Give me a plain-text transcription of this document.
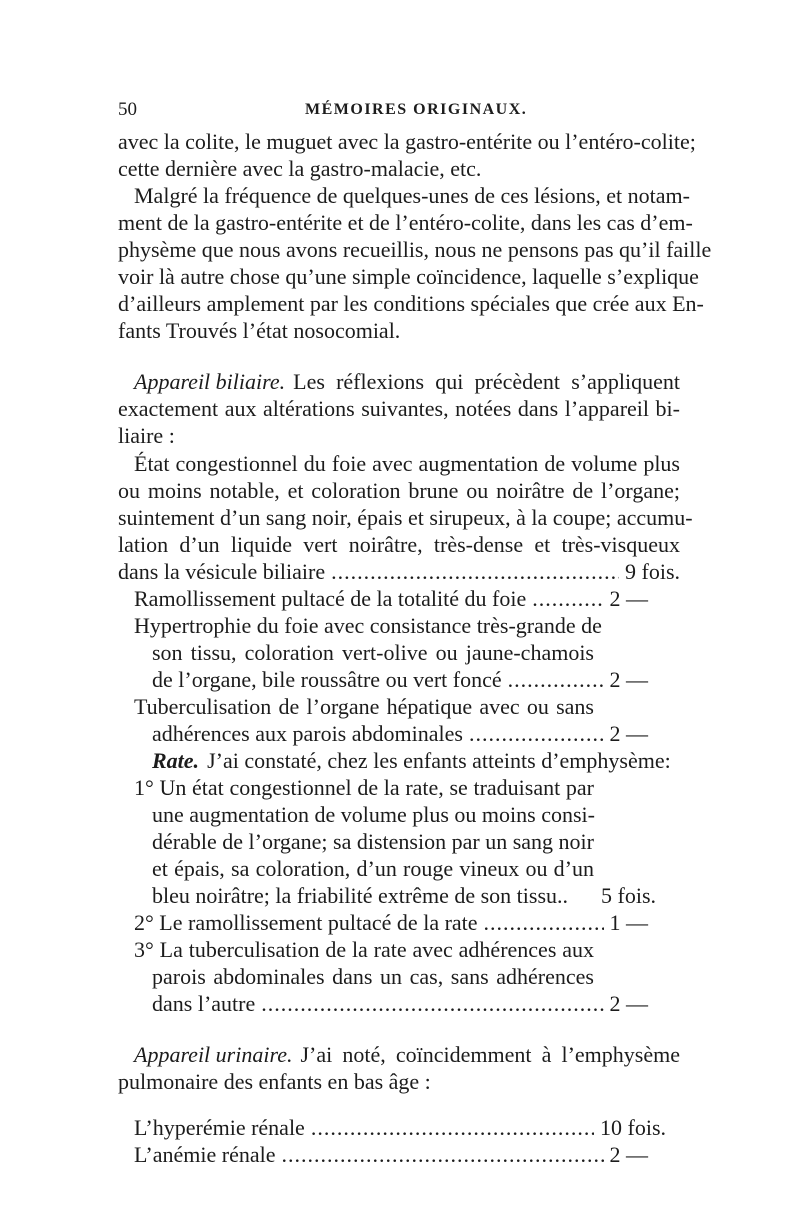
50	MÉMOIRES ORIGINAUX.
avec la colite, le muguet avec la gastro-entérite ou l’entéro-colite;
cette dernière avec la gastro-malacie, etc.
Malgré la fréquence de quelques-unes de ces lésions, et notam-
ment de la gastro-entérite et de l’entéro-colite, dans les cas d’em-
physème que nous avons recueillis, nous ne pensons pas qu’il faille
voir là autre chose qu’une simple coïncidence, laquelle s’explique
d’ailleurs amplement par les conditions spéciales que crée aux En-
fants Trouvés l’état nosocomial.
Appareil biliaire. Les réflexions qui précèdent s’appliquent
exactement aux altérations suivantes, notées dans l’appareil bi-
liaire :
État congestionnel du foie avec augmentation de volume plus
ou moins notable, et coloration brune ou noirâtre de l’organe;
suintement d’un sang noir, épais et sirupeux, à la coupe; accumu-
lation d’un liquide vert noirâtre, très-dense et très-visqueux
dans la vésicule biliaire .....	9 fois.
Ramollissement pultacé de la totalité du foie .....	2 —
Hypertrophie du foie avec consistance très-grande de
son tissu, coloration vert-olive ou jaune-chamois
de l’organe, bile roussâtre ou vert foncé .....	2 —
Tuberculisation de l’organe hépatique avec ou sans
adhérences aux parois abdominales .....	2 —
Rate. J’ai constaté, chez les enfants atteints d’emphysème:
1° Un état congestionnel de la rate, se traduisant par
une augmentation de volume plus ou moins consi-
dérable de l’organe; sa distension par un sang noir
et épais, sa coloration, d’un rouge vineux ou d’un
bleu noirâtre; la friabilité extrême de son tissu.. 5 fois.
2° Le ramollissement pultacé de la rate .....	1 —
3° La tuberculisation de la rate avec adhérences aux
parois abdominales dans un cas, sans adhérences
dans l’autre .....	2 —
Appareil urinaire. J’ai noté, coïncidemment à l’emphysème
pulmonaire des enfants en bas âge :
L’hyperémie rénale .....	10 fois.
L’anémie rénale .....	2 —
